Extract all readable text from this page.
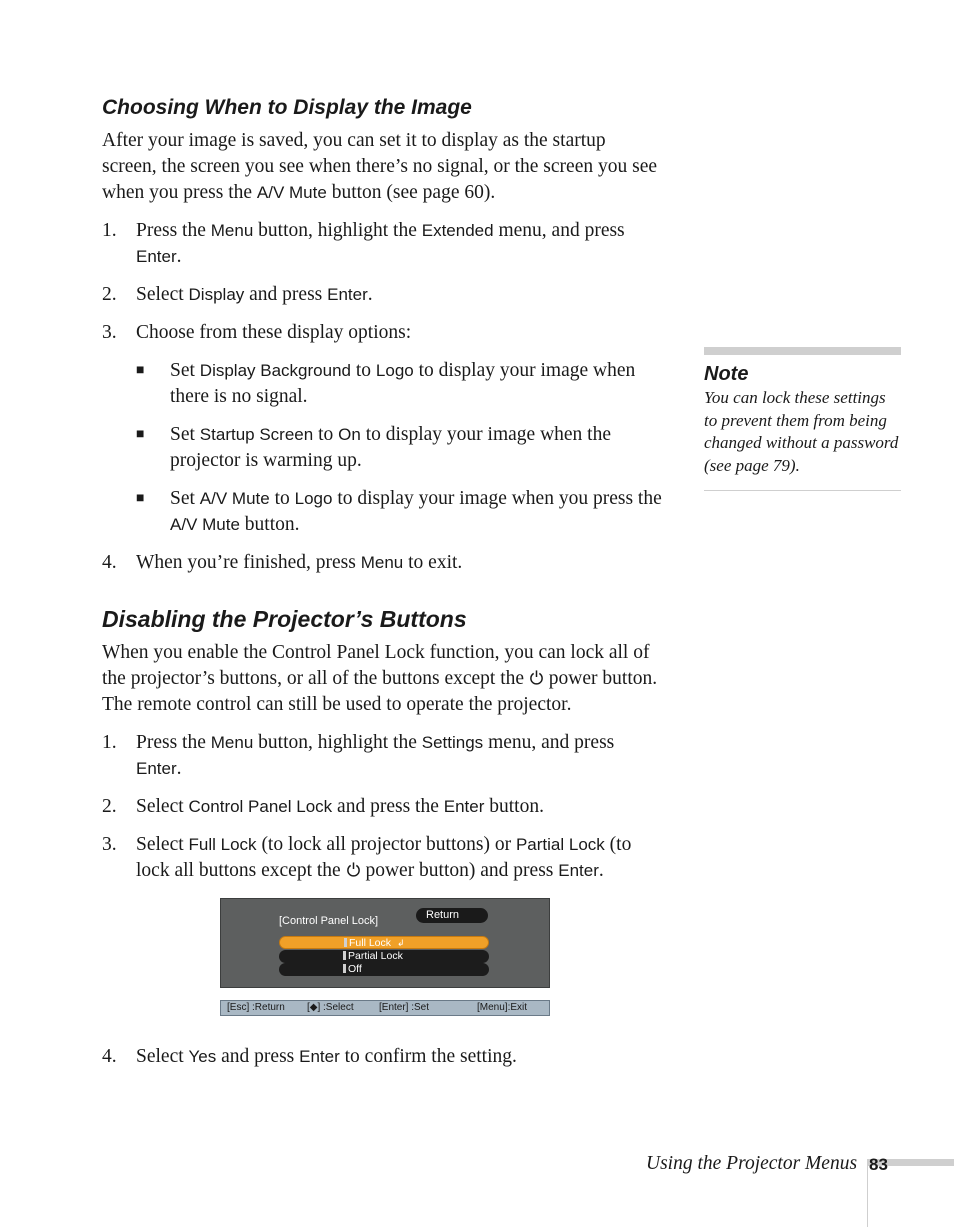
Choosing When to Display the Image

After your image is saved, you can set it to display as the startup screen, the screen you see when there’s no signal, or the screen you see when you press the A/V Mute button (see page 60).

1. Press the Menu button, highlight the Extended menu, and press Enter.
2. Select Display and press Enter.
3. Choose from these display options:
■ Set Display Background to Logo to display your image when there is no signal.
■ Set Startup Screen to On to display your image when the projector is warming up.
■ Set A/V Mute to Logo to display your image when you press the A/V Mute button.
4. When you’re finished, press Menu to exit.
Disabling the Projector’s Buttons

When you enable the Control Panel Lock function, you can lock all of the projector’s buttons, or all of the buttons except the  power button. The remote control can still be used to operate the projector.

1. Press the Menu button, highlight the Settings menu, and press Enter.
2. Select Control Panel Lock and press the Enter button.
3. Select Full Lock (to lock all projector buttons) or Partial Lock (to lock all buttons except the  power button) and press Enter.
[Control Panel Lock]	Return
Full Lock ↲
Partial Lock
Off
[Esc] :Return [◆] :Select	[Enter] :Set	[Menu]:Exit
4. Select Yes and press Enter to confirm the setting.
Note
You can lock these settings to prevent them from being changed without a password (see page 79).
Using the Projector Menus 83
